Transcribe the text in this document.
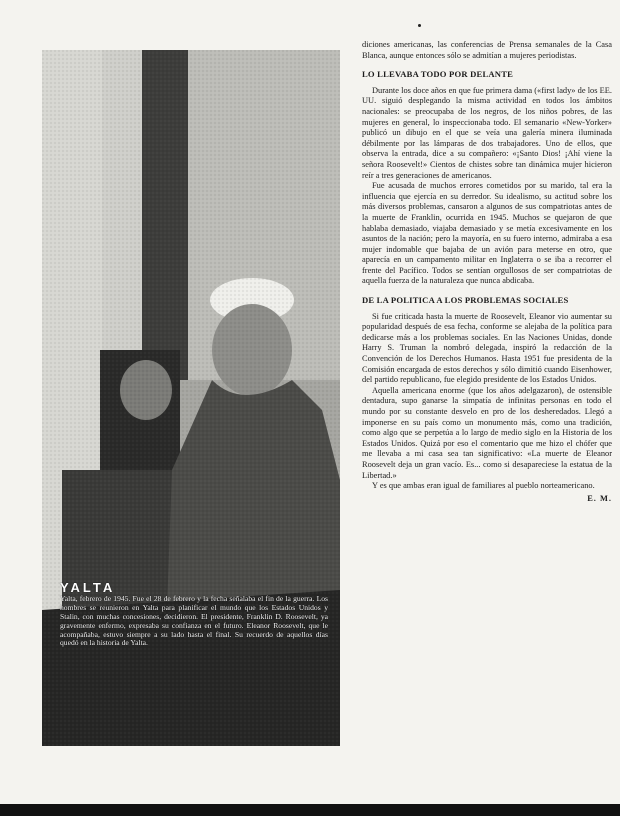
YALTA
Yalta, febrero de 1945. Fue el 28 de febrero y la fecha señalaba el fin de la guerra. Los hombres se reunieron en Yalta para planificar el mundo que los Estados Unidos y Stalin, con muchas concesiones, decidieron. El presidente, Franklin D. Roosevelt, ya gravemente enfermo, expresaba su confianza en el futuro. Eleanor Roosevelt, que le acompañaba, estuvo siempre a su lado hasta el final. Su recuerdo de aquellos días quedó en la historia de Yalta.

diciones americanas, las conferencias de Prensa semanales de la Casa Blanca, aunque entonces sólo se admitían a mujeres periodistas.

LO LLEVABA TODO POR DELANTE

Durante los doce años en que fue primera dama («first lady» de los EE. UU. siguió desplegando la misma actividad en todos los ámbitos nacionales: se preocupaba de los negros, de los niños pobres, de las mujeres en general, lo inspeccionaba todo. El semanario «New-Yorker» publicó un dibujo en el que se veía una galería minera iluminada débilmente por las lámparas de dos trabajadores. Uno de ellos, que observa la entrada, dice a su compañero: «¡Santo Dios! ¡Ahí viene la señora Roosevelt!» Cientos de chistes sobre tan dinámica mujer hicieron reír a tres generaciones de americanos.

Fue acusada de muchos errores cometidos por su marido, tal era la influencia que ejercía en su derredor. Su idealismo, su actitud sobre los más diversos problemas, cansaron a algunos de sus compatriotas antes de la muerte de Franklin, ocurrida en 1945. Muchos se quejaron de que hablaba demasiado, viajaba demasiado y se metía excesivamente en los asuntos de la nación; pero la mayoría, en su fuero interno, admiraba a esa mujer indomable que bajaba de un avión para meterse en otro, que aparecía en un campamento militar en Inglaterra o se iba a recorrer el frente del Pacífico. Todos se sentían orgullosos de ser compatriotas de aquella fuerza de la naturaleza que nunca abdicaba.

DE LA POLITICA A LOS PROBLEMAS SOCIALES

Si fue criticada hasta la muerte de Roosevelt, Eleanor vio aumentar su popularidad después de esa fecha, conforme se alejaba de la política para dedicarse más a los problemas sociales. En las Naciones Unidas, donde Harry S. Truman la nombró delegada, inspiró la redacción de la Convención de los Derechos Humanos. Hasta 1951 fue presidenta de la Comisión encargada de estos derechos y sólo dimitió cuando Eisenhower, del partido republicano, fue elegido presidente de los Estados Unidos.

Aquella americana enorme (que los años adelgazaron), de ostensible dentadura, supo ganarse la simpatía de infinitas personas en todo el mundo por su constante desvelo en pro de los desheredados. Llegó a imponerse en su país como un monumento más, como una tradición, como algo que se perpetúa a lo largo de medio siglo en la Historia de los Estados Unidos. Quizá por eso el comentario que me hizo el chófer que me llevaba a mi casa sea tan significativo: «La muerte de Eleanor Roosevelt deja un gran vacío. Es... como si desapareciese la estatua de la Libertad.»

Y es que ambas eran igual de familiares al pueblo norteamericano.

E. M.
